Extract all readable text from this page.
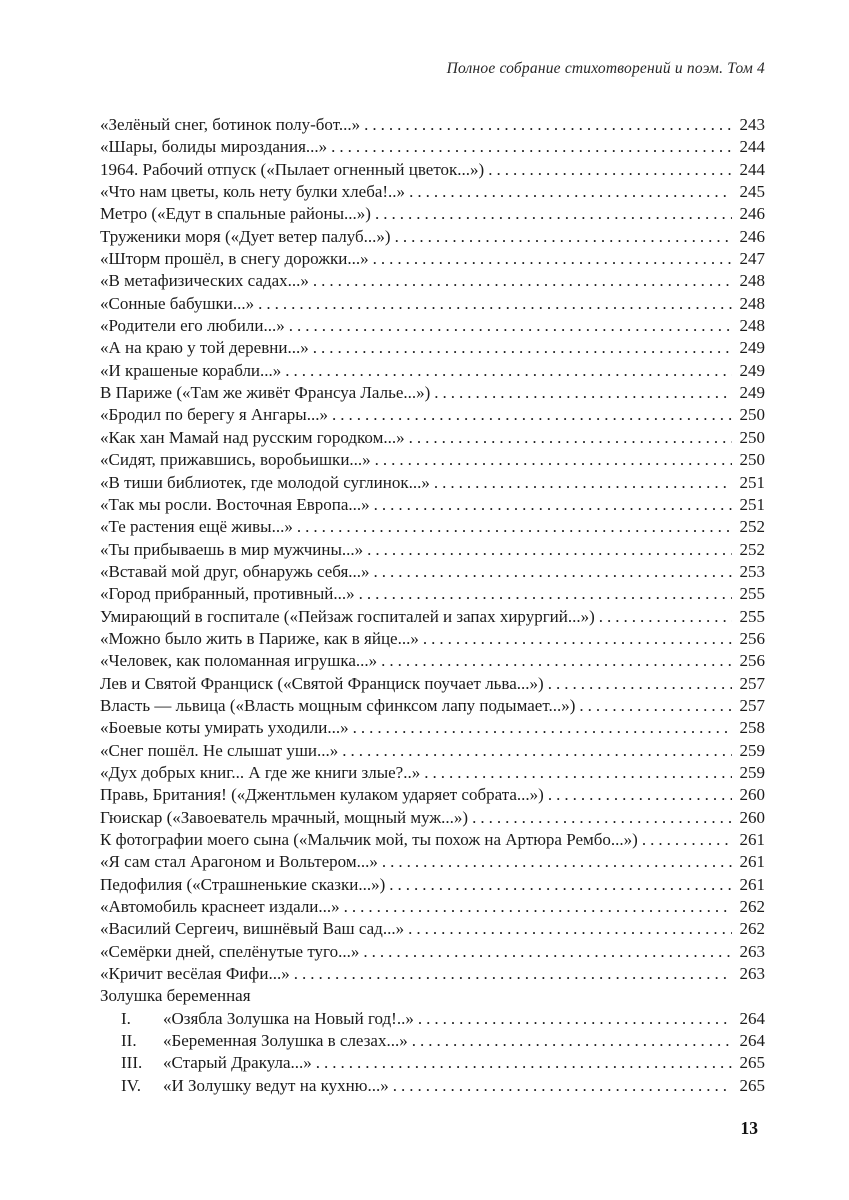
Полное собрание стихотворений и поэм. Том 4
«Зелёный снег, ботинок полу-бот...» .....	243
«Шары, болиды мироздания...» .....	244
1964. Рабочий отпуск («Пылает огненный цветок...») .....	244
«Что нам цветы, коль нету булки хлеба!..» .....	245
Метро («Едут в спальные районы...») .....	246
Труженики моря («Дует ветер палуб...») .....	246
«Шторм прошёл, в снегу дорожки...» .....	247
«В метафизических садах...» .....	248
«Сонные бабушки...» .....	248
«Родители его любили...» .....	248
«А на краю у той деревни...» .....	249
«И крашеные корабли...» .....	249
В Париже («Там же живёт Франсуа Лалье...») .....	249
«Бродил по берегу я Ангары...» .....	250
«Как хан Мамай над русским городком...» .....	250
«Сидят, прижавшись, воробьишки...» .....	250
«В тиши библиотек, где молодой суглинок...» .....	251
«Так мы росли. Восточная Европа...» .....	251
«Те растения ещё живы...» .....	252
«Ты прибываешь в мир мужчины...» .....	252
«Вставай мой друг, обнаружь себя...» .....	253
«Город прибранный, противный...» .....	255
Умирающий в госпитале («Пейзаж госпиталей и запах хирургий...») .....	255
«Можно было жить в Париже, как в яйце...» .....	256
«Человек, как поломанная игрушка...» .....	256
Лев и Святой Франциск («Святой Франциск поучает льва...») .....	257
Власть — львица («Власть мощным сфинксом лапу подымает...») .....	257
«Боевые коты умирать уходили...» .....	258
«Снег пошёл. Не слышат уши...» .....	259
«Дух добрых книг... А где же книги злые?..» .....	259
Правь, Британия! («Джентльмен кулаком ударяет собрата...») .....	260
Гюискар («Завоеватель мрачный, мощный муж...») .....	260
К фотографии моего сына («Мальчик мой, ты похож на Артюра Рембо...») .....	261
«Я сам стал Арагоном и Вольтером...» .....	261
Педофилия («Страшненькие сказки...») .....	261
«Автомобиль краснеет издали...» .....	262
«Василий Сергеич, вишнёвый Ваш сад...» .....	262
«Семёрки дней, спелёнутые туго...» .....	263
«Кричит весёлая Фифи...» .....	263
Золушка беременная
I.	«Озябла Золушка на Новый год!..» .....	264
II.	«Беременная Золушка в слезах...» .....	264
III.	«Старый Дракула...» .....	265
IV.	«И Золушку ведут на кухню...» .....	265
13
